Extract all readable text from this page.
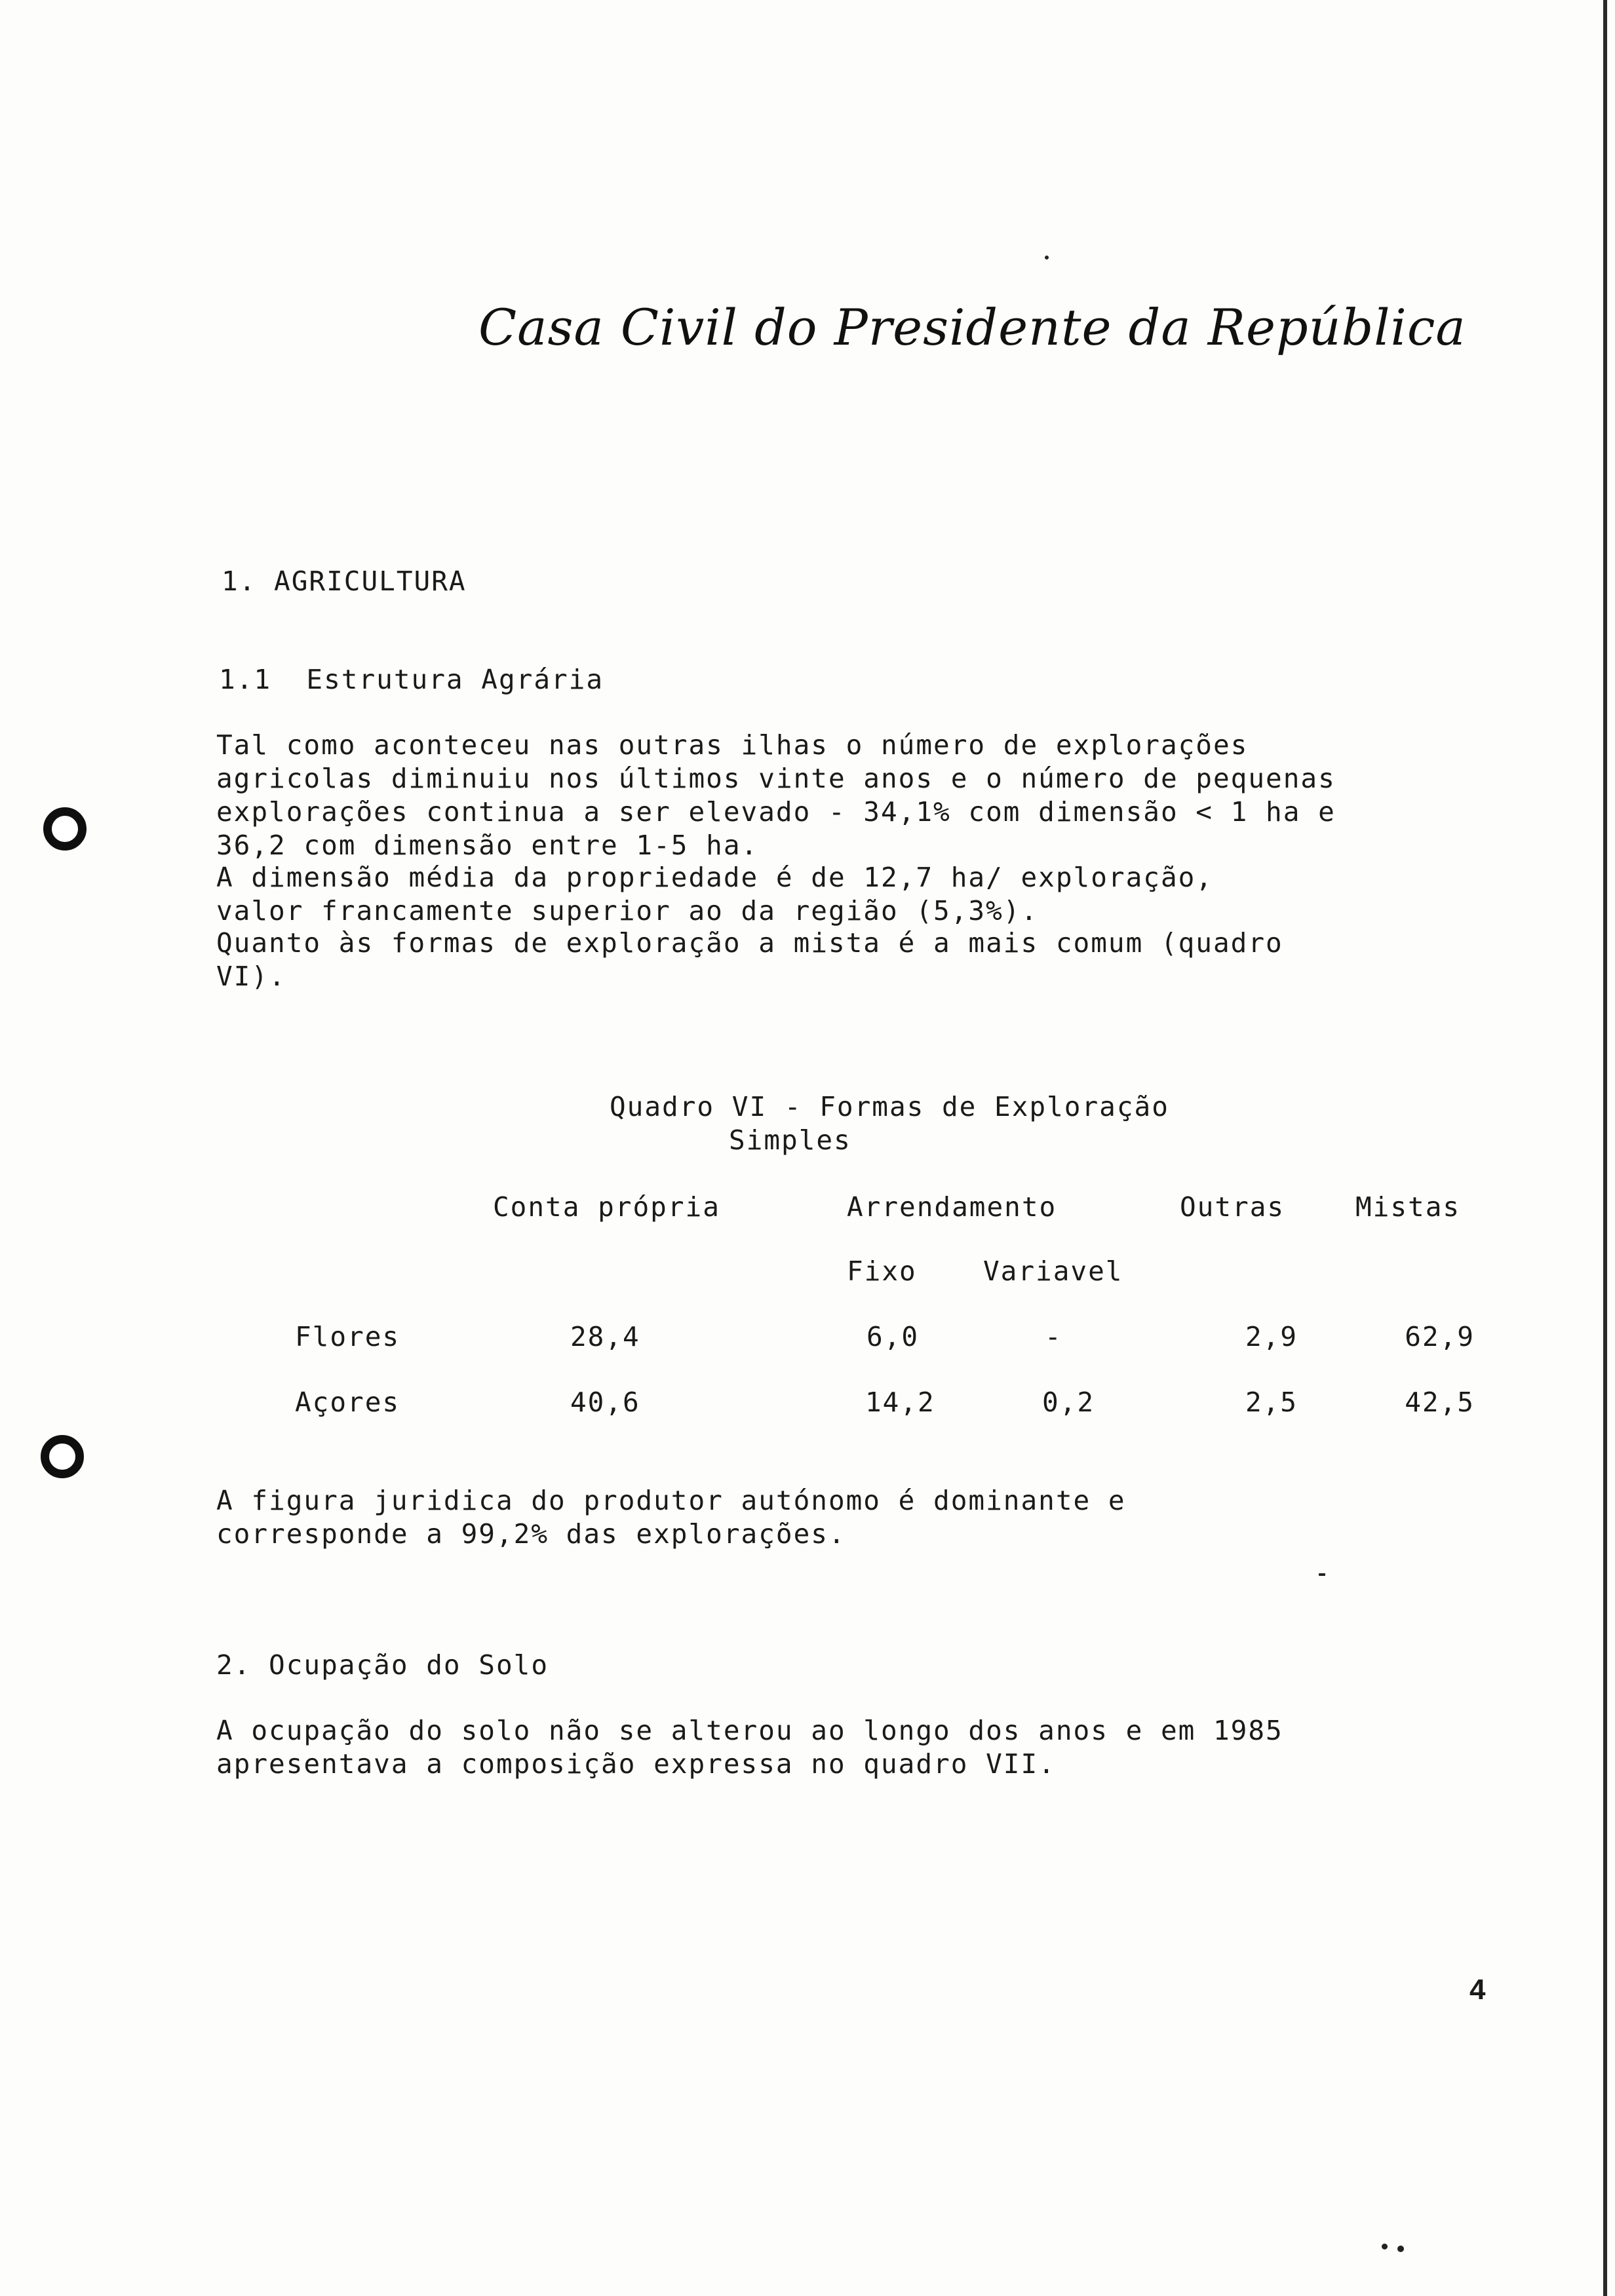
Casa Civil do Presidente da República
1. AGRICULTURA
1.1  Estrutura Agrária
Tal como aconteceu nas outras ilhas o número de explorações
agricolas diminuiu nos últimos vinte anos e o número de pequenas
explorações continua a ser elevado - 34,1% com dimensão < 1 ha e
36,2 com dimensão entre 1-5 ha.
A dimensão média da propriedade é de 12,7 ha/ exploração,
valor francamente superior ao da região (5,3%).
Quanto às formas de exploração a mista é a mais comum (quadro
VI).
Quadro VI - Formas de Exploração
Simples
Conta própria	Arrendamento	Outras	Mistas
Fixo Variavel
Flores	28,4	6,0	-	2,9	62,9
Açores	40,6	14,2	0,2	2,5	42,5
A figura juridica do produtor autónomo é dominante e
corresponde a 99,2% das explorações.
2. Ocupação do Solo
A ocupação do solo não se alterou ao longo dos anos e em 1985
apresentava a composição expressa no quadro VII.
4
